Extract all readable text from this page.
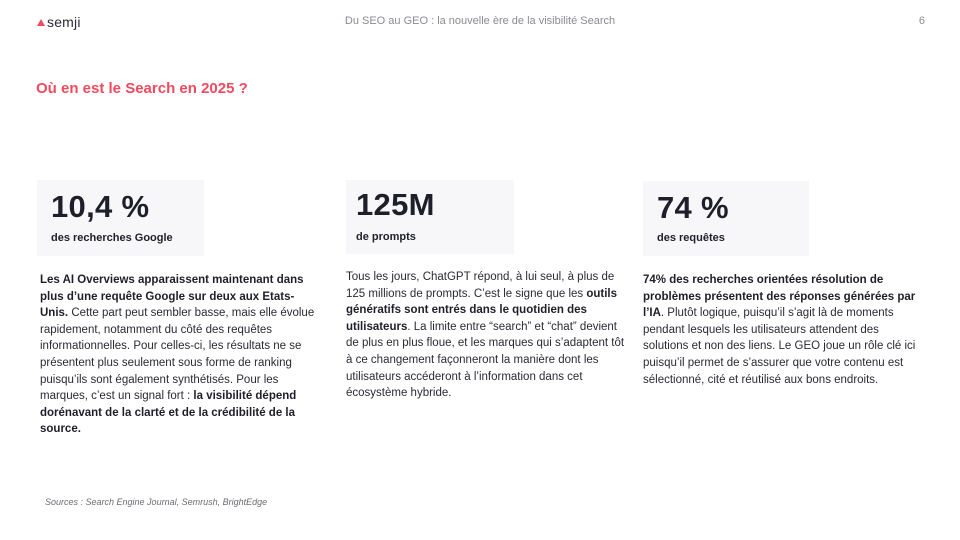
semji	Du SEO au GEO : la nouvelle ère de la visibilité Search	6
Où en est le Search en 2025 ?
10,4 %
des recherches Google
Les AI Overviews apparaissent maintenant dans plus d’une requête Google sur deux aux Etats-Unis. Cette part peut sembler basse, mais elle évolue rapidement, notamment du côté des requêtes informationnelles. Pour celles-ci, les résultats ne se présentent plus seulement sous forme de ranking puisqu’ils sont également synthétisés. Pour les marques, c’est un signal fort : la visibilité dépend dorénavant de la clarté et de la crédibilité de la source.
125M
de prompts
Tous les jours, ChatGPT répond, à lui seul, à plus de 125 millions de prompts. C’est le signe que les outils génératifs sont entrés dans le quotidien des utilisateurs. La limite entre “search” et “chat” devient de plus en plus floue, et les marques qui s’adaptent tôt à ce changement façonneront la manière dont les utilisateurs accéderont à l’information dans cet écosystème hybride.
74 %
des requêtes
74% des recherches orientées résolution de problèmes présentent des réponses générées par l’IA. Plutôt logique, puisqu’il s’agit là de moments pendant lesquels les utilisateurs attendent des solutions et non des liens. Le GEO joue un rôle clé ici puisqu’il permet de s’assurer que votre contenu est sélectionné, cité et réutilisé aux bons endroits.
Sources : Search Engine Journal, Semrush, BrightEdge
